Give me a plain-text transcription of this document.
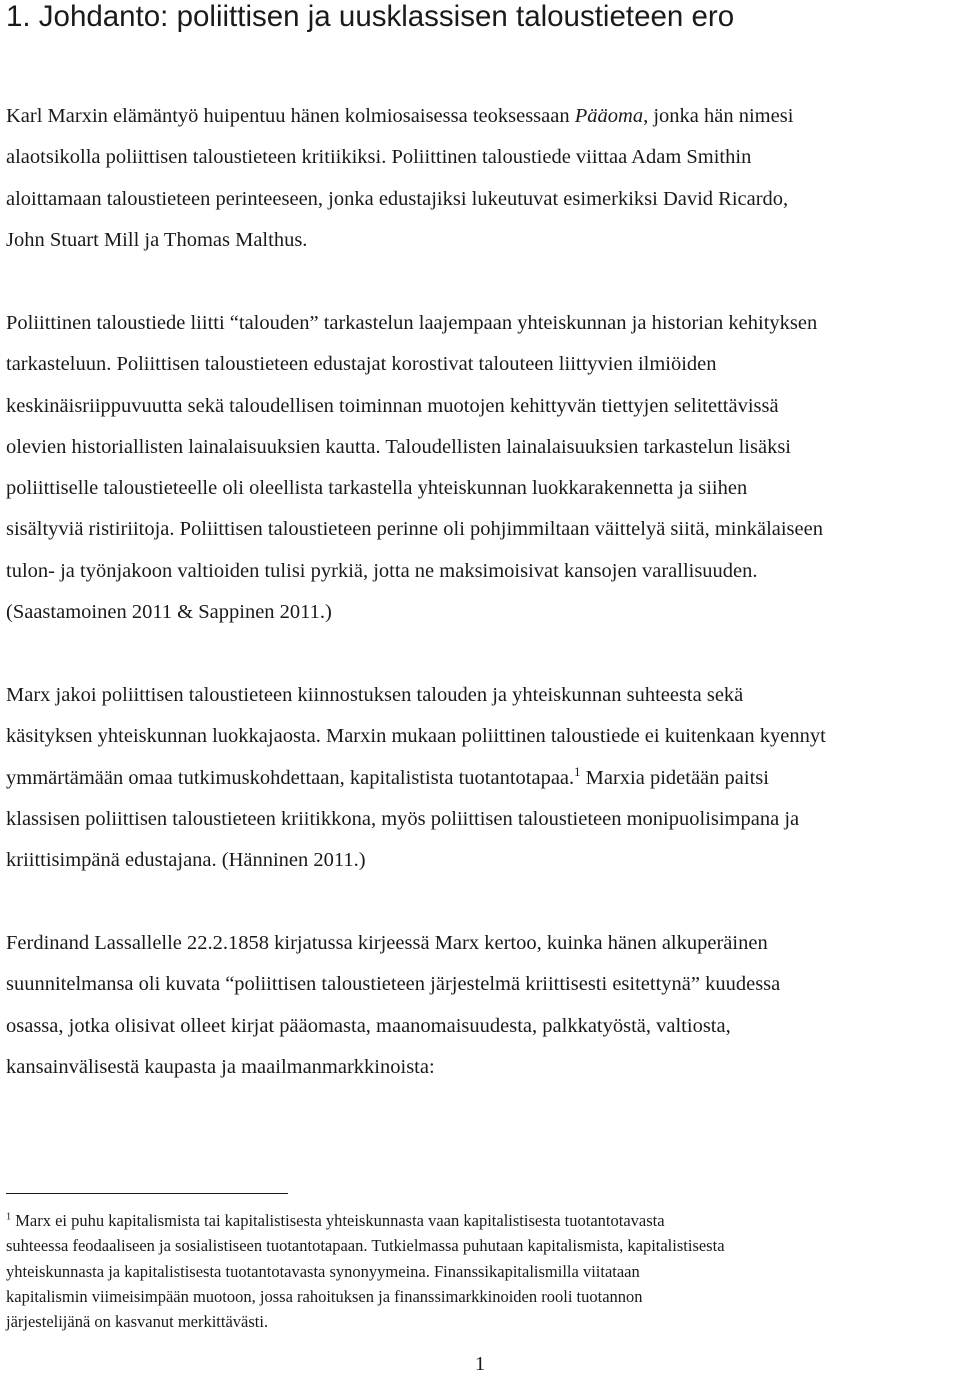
1. Johdanto: poliittisen ja uusklassisen taloustieteen ero
Karl Marxin elämäntyö huipentuu hänen kolmiosaisessa teoksessaan Pääoma, jonka hän nimesi
alaotsikolla poliittisen taloustieteen kritiikiksi. Poliittinen taloustiede viittaa Adam Smithin
aloittamaan taloustieteen perinteeseen, jonka edustajiksi lukeutuvat esimerkiksi David Ricardo,
John Stuart Mill ja Thomas Malthus.
Poliittinen taloustiede liitti “talouden” tarkastelun laajempaan yhteiskunnan ja historian kehityksen
tarkasteluun. Poliittisen taloustieteen edustajat korostivat talouteen liittyvien ilmiöiden
keskinäisriippuvuutta sekä taloudellisen toiminnan muotojen kehittyvän tiettyjen selitettävissä
olevien historiallisten lainalaisuuksien kautta. Taloudellisten lainalaisuuksien tarkastelun lisäksi
poliittiselle taloustieteelle oli oleellista tarkastella yhteiskunnan luokkarakennetta ja siihen
sisältyviä ristiriitoja. Poliittisen taloustieteen perinne oli pohjimmiltaan väittelyä siitä, minkälaiseen
tulon- ja työnjakoon valtioiden tulisi pyrkiä, jotta ne maksimoisivat kansojen varallisuuden.
(Saastamoinen 2011 & Sappinen 2011.)
Marx jakoi poliittisen taloustieteen kiinnostuksen talouden ja yhteiskunnan suhteesta sekä
käsityksen yhteiskunnan luokkajaosta. Marxin mukaan poliittinen taloustiede ei kuitenkaan kyennyt
ymmärtämään omaa tutkimuskohdettaan, kapitalistista tuotantotapaa.$^1$ Marxia pidetään paitsi
klassisen poliittisen taloustieteen kriitikkona, myös poliittisen taloustieteen monipuolisimpana ja
kriittisimpänä edustajana. (Hänninen 2011.)
Ferdinand Lassallelle 22.2.1858 kirjatussa kirjeessä Marx kertoo, kuinka hänen alkuperäinen
suunnitelmansa oli kuvata “poliittisen taloustieteen järjestelmä kriittisesti esitettynä” kuudessa
osassa, jotka olisivat olleet kirjat pääomasta, maanomaisuudesta, palkkatyöstä, valtiosta,
kansainvälisestä kaupasta ja maailmanmarkkinoista:
$^1$ Marx ei puhu kapitalismista tai kapitalistisesta yhteiskunnasta vaan kapitalistisesta tuotantotavasta
suhteessa feodaaliseen ja sosialistiseen tuotantotapaan. Tutkielmassa puhutaan kapitalismista, kapitalistisesta
yhteiskunnasta ja kapitalistisesta tuotantotavasta synonyymeina. Finanssikapitalismilla viitataan
kapitalismin viimeisimpään muotoon, jossa rahoituksen ja finanssimarkkinoiden rooli tuotannon
järjestelijänä on kasvanut merkittävästi.
1
